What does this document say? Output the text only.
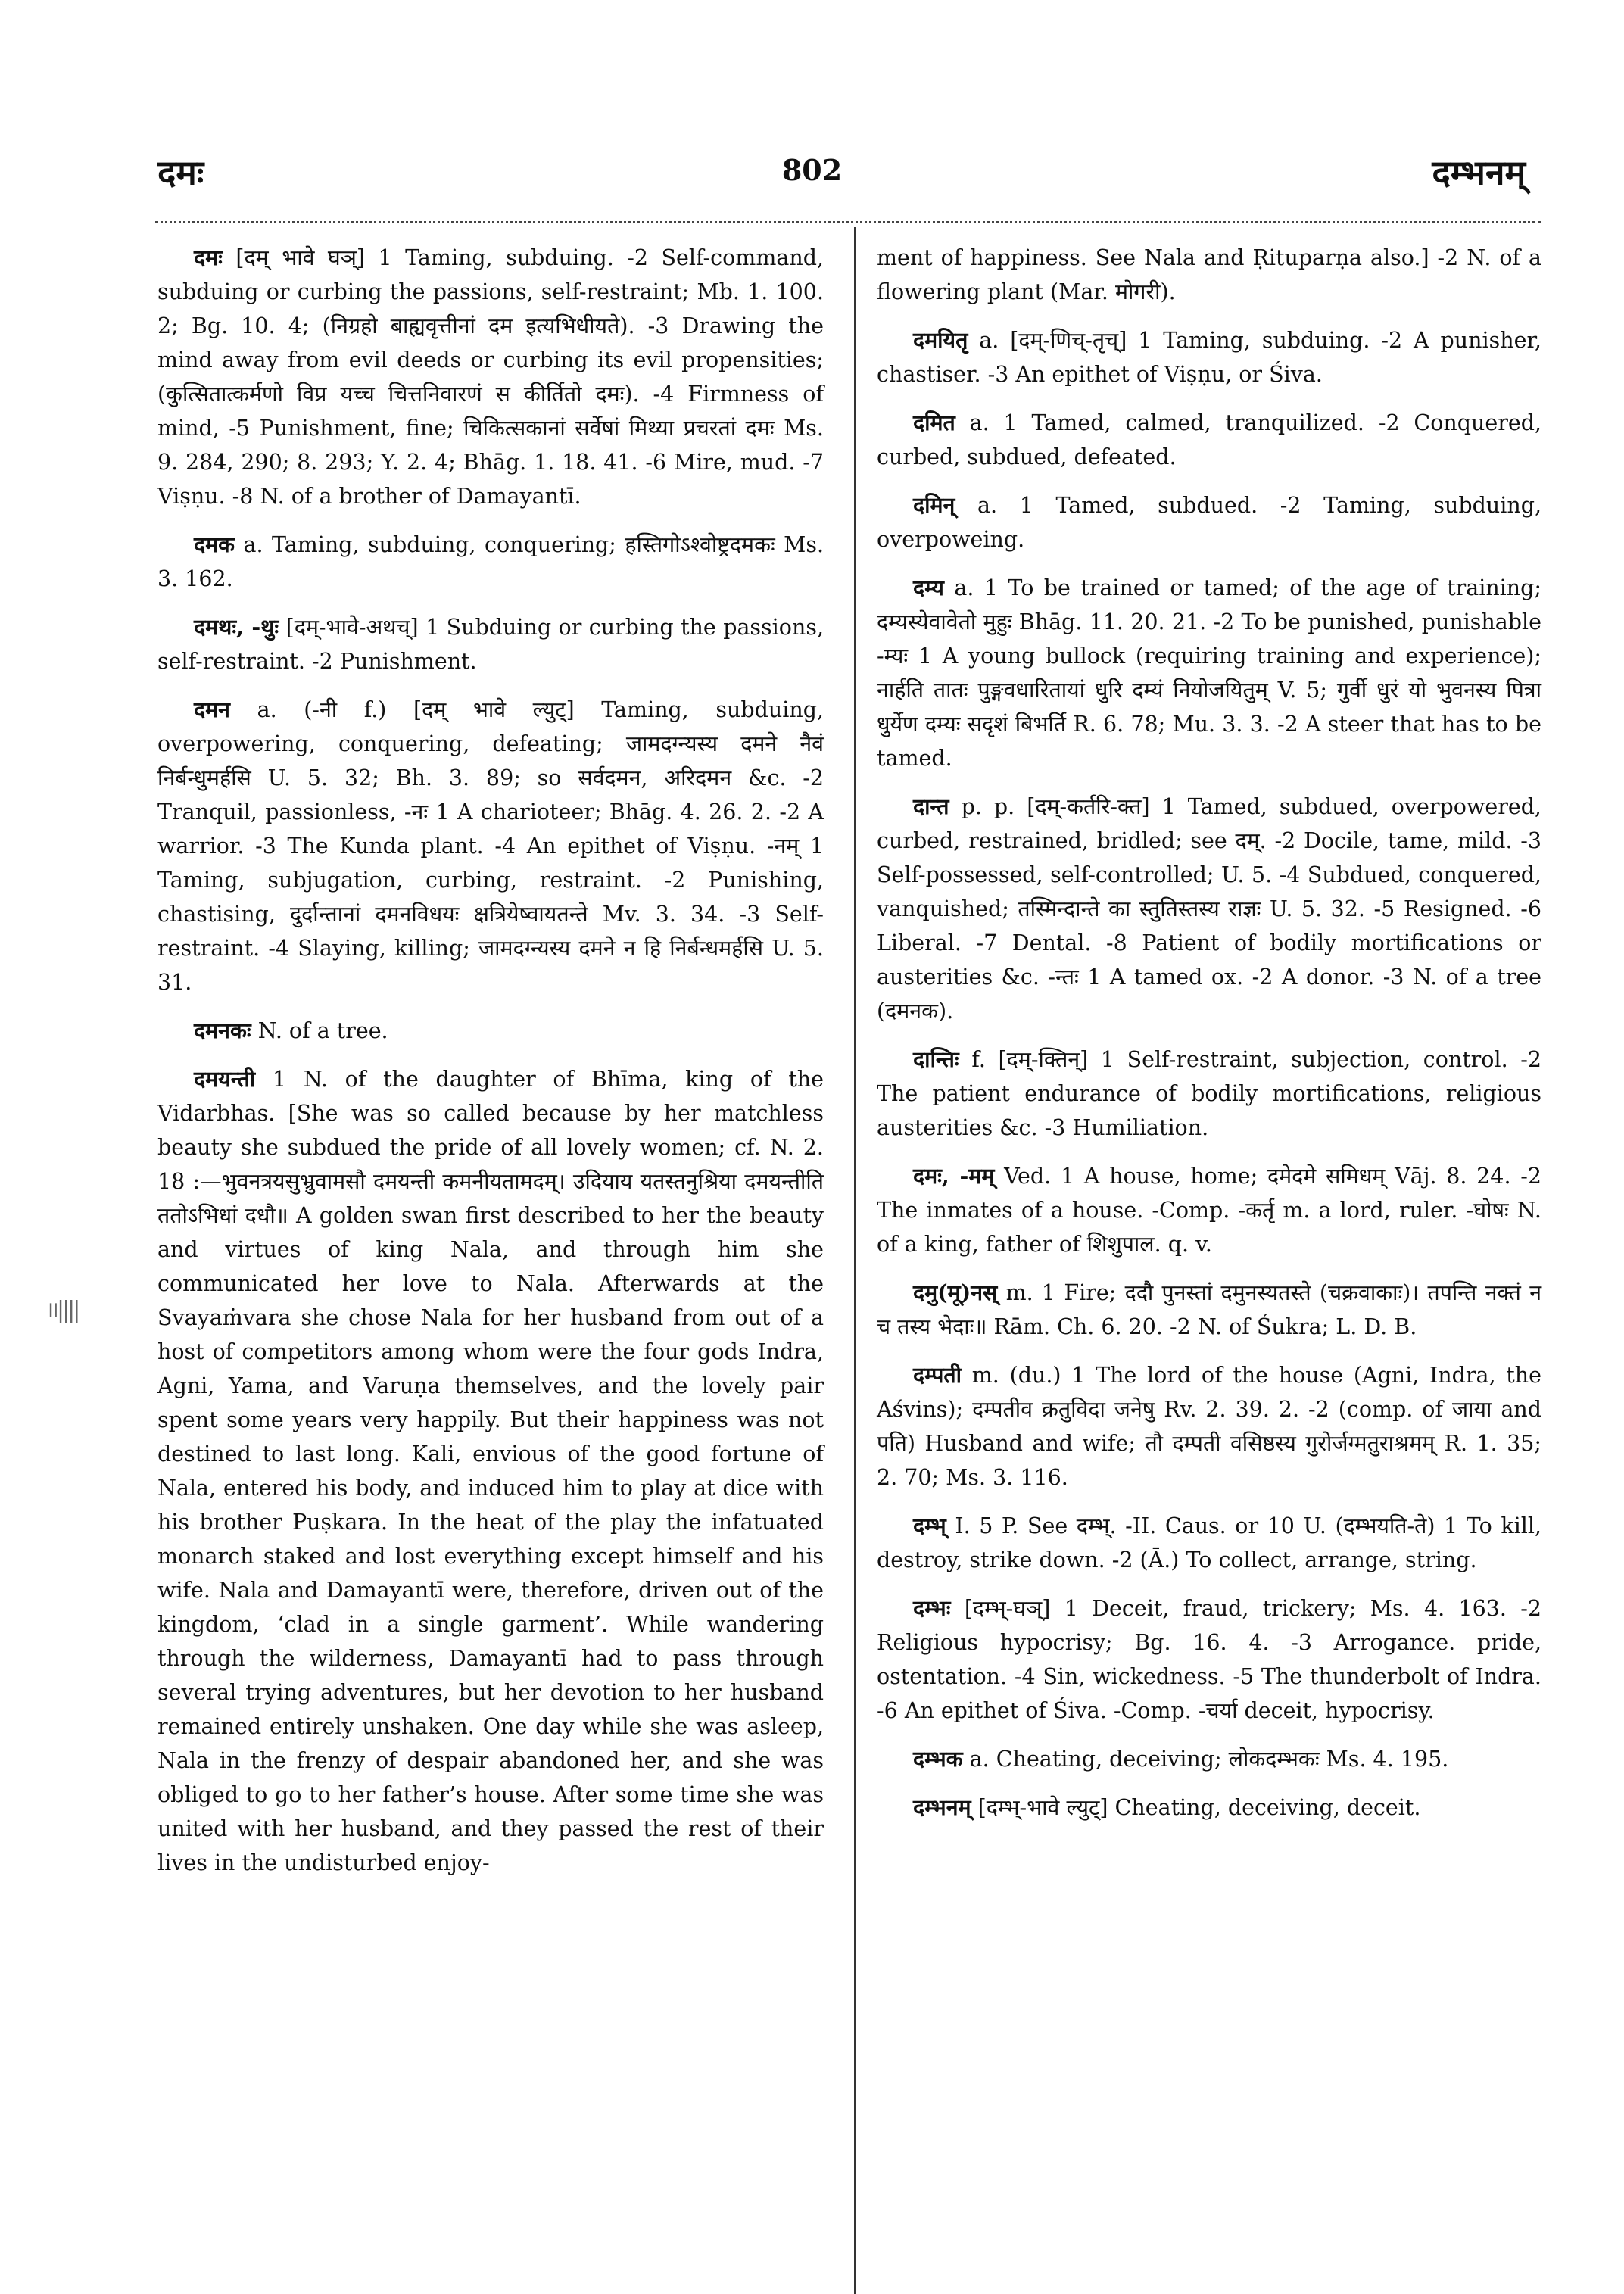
दमः	802	दम्भनम्
॥||||

दमः [दम् भावे घञ्] 1 Taming, subduing. -2 Self-command, subduing or curbing the passions, self-restraint; Mb. 1. 100. 2; Bg. 10. 4; (निग्रहो बाह्यवृत्तीनां दम इत्यभिधीयते). -3 Drawing the mind away from evil deeds or curbing its evil propensities; (कुत्सितात्कर्मणो विप्र यच्च चित्तनिवारणं स कीर्तितो दमः). -4 Firmness of mind, -5 Punishment, fine; चिकित्सकानां सर्वेषां मिथ्या प्रचरतां दमः Ms. 9. 284, 290; 8. 293; Y. 2. 4; Bhāg. 1. 18. 41. -6 Mire, mud. -7 Viṣṇu. -8 N. of a brother of Damayantī.

दमक a. Taming, subduing, conquering; हस्तिगोऽश्वोष्ट्रदमकः Ms. 3. 162.

दमथः, -थुः [दम्-भावे-अथच्] 1 Subduing or curbing the passions, self-restraint. -2 Punishment.

दमन a. (-नी f.) [दम् भावे ल्युट्] Taming, subduing, overpowering, conquering, defeating; जामदग्न्यस्य दमने नैवं निर्बन्धुमर्हसि U. 5. 32; Bh. 3. 89; so सर्वदमन, अरिदमन &c. -2 Tranquil, passionless, -नः 1 A charioteer; Bhāg. 4. 26. 2. -2 A warrior. -3 The Kunda plant. -4 An epithet of Viṣṇu. -नम् 1 Taming, subjugation, curbing, restraint. -2 Punishing, chastising, दुर्दान्तानां दमनविधयः क्षत्रियेष्वायतन्ते Mv. 3. 34. -3 Self-restraint. -4 Slaying, killing; जामदग्न्यस्य दमने न हि निर्बन्धमर्हसि U. 5. 31.

दमनकः N. of a tree.

दमयन्ती 1 N. of the daughter of Bhīma, king of the Vidarbhas. [She was so called because by her matchless beauty she subdued the pride of all lovely women; cf. N. 2. 18 :—भुवनत्रयसुभ्रुवामसौ दमयन्ती कमनीयतामदम्। उदियाय यतस्तनुश्रिया दमयन्तीति ततोऽभिधां दधौ॥ A golden swan first described to her the beauty and virtues of king Nala, and through him she communicated her love to Nala. Afterwards at the Svayaṁvara she chose Nala for her husband from out of a host of competitors among whom were the four gods Indra, Agni, Yama, and Varuṇa themselves, and the lovely pair spent some years very happily. But their happiness was not destined to last long. Kali, envious of the good fortune of Nala, entered his body, and induced him to play at dice with his brother Puṣkara. In the heat of the play the infatuated monarch staked and lost everything except himself and his wife. Nala and Damayantī were, therefore, driven out of the kingdom, ‘clad in a single garment’. While wandering through the wilderness, Damayantī had to pass through several trying adventures, but her devotion to her husband remained entirely unshaken. One day while she was asleep, Nala in the frenzy of despair abandoned her, and she was obliged to go to her father’s house. After some time she was united with her husband, and they passed the rest of their lives in the undisturbed enjoy-

ment of happiness. See Nala and Ṛituparṇa also.] -2 N. of a flowering plant (Mar. मोगरी).

दमयितृ a. [दम्-णिच्-तृच्] 1 Taming, subduing. -2 A punisher, chastiser. -3 An epithet of Viṣṇu, or Śiva.

दमित a. 1 Tamed, calmed, tranquilized. -2 Conquered, curbed, subdued, defeated.

दमिन् a. 1 Tamed, subdued. -2 Taming, subduing, overpoweing.

दम्य a. 1 To be trained or tamed; of the age of training; दम्यस्येवावेतो मुहुः Bhāg. 11. 20. 21. -2 To be punished, punishable -म्यः 1 A young bullock (requiring training and experience); नार्हति तातः पुङ्गवधारितायां धुरि दम्यं नियोजयितुम् V. 5; गुर्वी धुरं यो भुवनस्य पित्रा धुर्येण दम्यः सदृशं बिभर्ति R. 6. 78; Mu. 3. 3. -2 A steer that has to be tamed.

दान्त p. p. [दम्-कर्तरि-क्त] 1 Tamed, subdued, overpowered, curbed, restrained, bridled; see दम्. -2 Docile, tame, mild. -3 Self-possessed, self-controlled; U. 5. -4 Subdued, conquered, vanquished; तस्मिन्दान्ते का स्तुतिस्तस्य राज्ञः U. 5. 32. -5 Resigned. -6 Liberal. -7 Dental. -8 Patient of bodily mortifications or austerities &c. -न्तः 1 A tamed ox. -2 A donor. -3 N. of a tree (दमनक).

दान्तिः f. [दम्-क्तिन्] 1 Self-restraint, subjection, control. -2 The patient endurance of bodily mortifications, religious austerities &c. -3 Humiliation.

दमः, -मम् Ved. 1 A house, home; दमेदमे समिधम् Vāj. 8. 24. -2 The inmates of a house. -Comp. -कर्तृ m. a lord, ruler. -घोषः N. of a king, father of शिशुपाल. q. v.

दमु(मू)नस् m. 1 Fire; ददौ पुनस्तां दमुनस्यतस्ते (चक्रवाकाः)। तपन्ति नक्तं न च तस्य भेदाः॥ Rām. Ch. 6. 20. -2 N. of Śukra; L. D. B.

दम्पती m. (du.) 1 The lord of the house (Agni, Indra, the Aśvins); दम्पतीव क्रतुविदा जनेषु Rv. 2. 39. 2. -2 (comp. of जाया and पति) Husband and wife; तौ दम्पती वसिष्ठस्य गुरोर्जग्मतुराश्रमम् R. 1. 35; 2. 70; Ms. 3. 116.

दम्भ् I. 5 P. See दम्भ्. -II. Caus. or 10 U. (दम्भयति-ते) 1 To kill, destroy, strike down. -2 (Ā.) To collect, arrange, string.

दम्भः [दम्भ्-घञ्] 1 Deceit, fraud, trickery; Ms. 4. 163. -2 Religious hypocrisy; Bg. 16. 4. -3 Arrogance. pride, ostentation. -4 Sin, wickedness. -5 The thunderbolt of Indra. -6 An epithet of Śiva. -Comp. -चर्या deceit, hypocrisy.

दम्भक a. Cheating, deceiving; लोकदम्भकः Ms. 4. 195.

दम्भनम् [दम्भ्-भावे ल्युट्] Cheating, deceiving, deceit.
